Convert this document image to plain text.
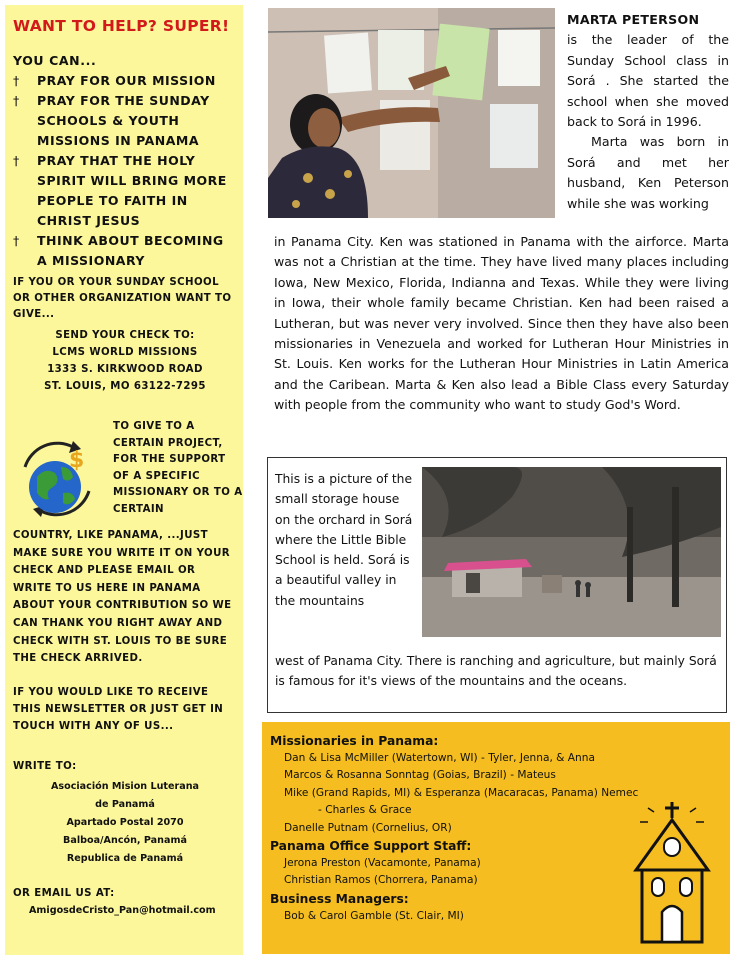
WANT TO HELP? SUPER!
YOU CAN...
† PRAY FOR OUR MISSION
† PRAY FOR THE SUNDAY SCHOOLS & YOUTH MISSIONS IN PANAMA
† PRAY THAT THE HOLY SPIRIT WILL BRING MORE PEOPLE TO FAITH IN CHRIST JESUS
† THINK ABOUT BECOMING A MISSIONARY
IF YOU OR YOUR SUNDAY SCHOOL OR OTHER ORGANIZATION WANT TO GIVE...
SEND YOUR CHECK TO:
LCMS WORLD MISSIONS
1333 S. KIRKWOOD ROAD
ST. LOUIS, MO 63122-7295
$
TO GIVE TO A CERTAIN PROJECT, FOR THE SUPPORT OF A SPECIFIC MISSIONARY OR TO A CERTAIN
COUNTRY, LIKE PANAMA, ...JUST MAKE SURE YOU WRITE IT ON YOUR CHECK AND PLEASE EMAIL OR WRITE TO US HERE IN PANAMA ABOUT YOUR CONTRIBUTION SO WE CAN THANK YOU RIGHT AWAY AND CHECK WITH ST. LOUIS TO BE SURE THE CHECK ARRIVED.
IF YOU WOULD LIKE TO RECEIVE THIS NEWSLETTER OR JUST GET IN TOUCH WITH ANY OF US...
WRITE TO:
Asociación Mision Luterana
de Panamá
Apartado Postal 2070
Balboa/Ancón, Panamá
Republica de Panamá
OR EMAIL US AT:
AmigosdeCristo_Pan@hotmail.com
MARTA PETERSON
is the leader of the Sunday School class in Sorá . She started the school when she moved back to Sorá in 1996.
Marta was born in Sorá and met her husband, Ken Peterson while she was working
in Panama City. Ken was stationed in Panama with the airforce. Marta was not a Christian at the time. They have lived many places including Iowa, New Mexico, Florida, Indianna and Texas. While they were living in Iowa, their whole family became Christian. Ken had been raised a Lutheran, but was never very involved. Since then they have also been missionaries in Venezuela and worked for Lutheran Hour Ministries in St. Louis. Ken works for the Lutheran Hour Ministries in Latin America and the Caribean. Marta & Ken also lead a Bible Class every Saturday with people from the community who want to study God's Word.
This is a picture of the small storage house on the orchard in Sorá where the Little Bible School is held. Sorá is a beautiful valley in the mountains
west of Panama City. There is ranching and agriculture, but mainly Sorá is famous for it's views of the mountains and the oceans.
Missionaries in Panama:
Dan & Lisa McMiller (Watertown, WI) - Tyler, Jenna, & Anna
Marcos & Rosanna Sonntag (Goias, Brazil) - Mateus
Mike (Grand Rapids, MI) & Esperanza (Macaracas, Panama) Nemec
- Charles & Grace
Danelle Putnam (Cornelius, OR)
Panama Office Support Staff:
Jerona Preston (Vacamonte, Panama)
Christian Ramos (Chorrera, Panama)
Business Managers:
Bob & Carol Gamble (St. Clair, MI)
